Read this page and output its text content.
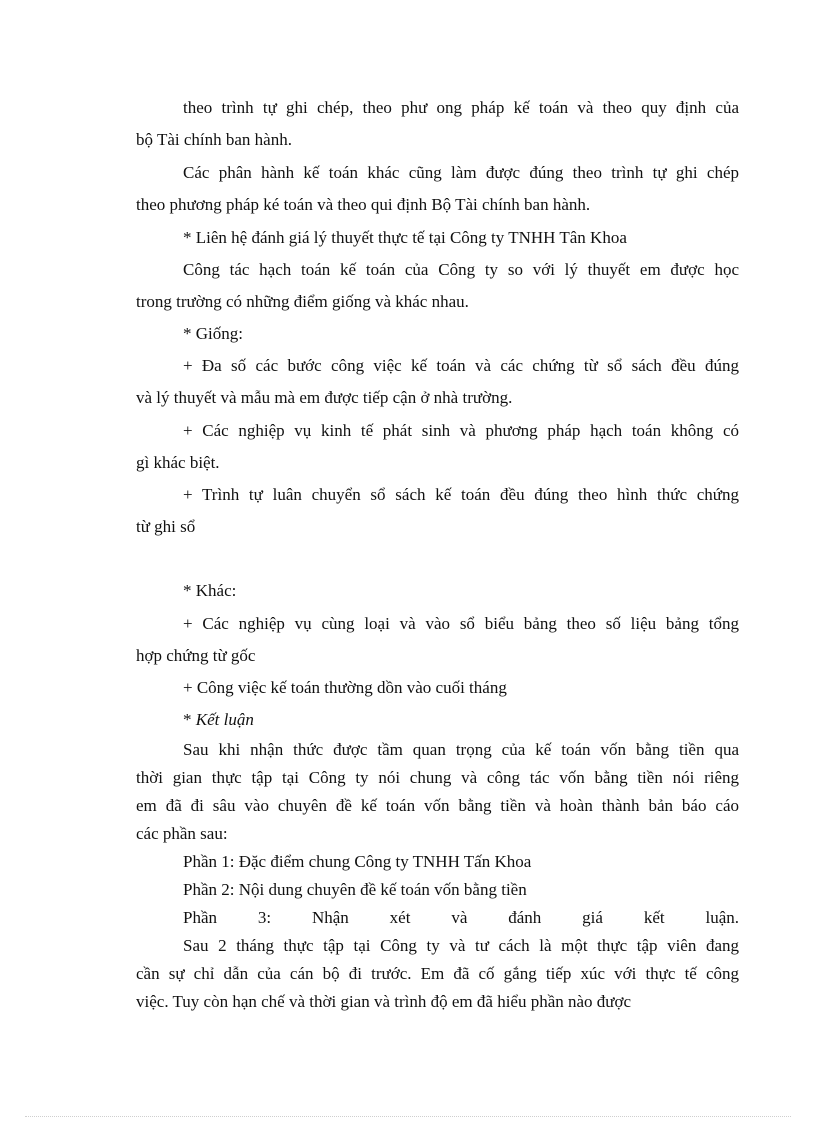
theo trình tự ghi chép, theo phư ong pháp kế toán và theo quy định của

bộ Tài chính ban hành.

Các phân hành kế toán khác cũng làm được đúng theo trình tự ghi chép

theo phương pháp ké toán và theo qui định Bộ Tài chính ban hành.

* Liên hệ đánh giá lý thuyết thực tế tại Công ty TNHH Tân Khoa

Công tác hạch toán kế toán của Công ty so với lý thuyết em được học

trong trường có những điểm giống và khác nhau.

* Giống:

+ Đa số các bước công việc kế toán và các chứng từ sổ sách đều đúng

và lý thuyết và mẫu mà em được tiếp cận ở nhà trường.

+ Các nghiệp vụ kinh tế phát sinh và phương pháp hạch toán không có

gì khác biệt.

+ Trình tự luân chuyển sổ sách kế toán đều đúng theo hình thức chứng

từ ghi sổ

* Khác:

+ Các nghiệp vụ cùng loại và vào sổ biểu bảng theo số liệu bảng tổng

hợp chứng từ gốc

+ Công việc kế toán thường dồn vào cuối tháng

* Kết luận

Sau khi nhận thức được tầm quan trọng của kế toán vốn bằng tiền qua

thời gian thực tập tại Công ty nói chung và công tác vốn bằng tiền nói riêng

em đã đi sâu vào chuyên đề kế toán vốn bằng tiền và hoàn thành bản báo cáo

các phần sau:

Phần 1: Đặc điểm chung Công ty TNHH Tấn Khoa

Phần 2: Nội dung chuyên đề kế toán vốn bằng tiền

Phần 3: Nhận xét và đánh giá kết luận.

Sau 2 tháng thực tập tại Công ty và tư cách là một thực tập viên đang

cần sự chỉ dẫn của cán bộ đi trước. Em đã cố gắng tiếp xúc với thực tế công

việc. Tuy còn hạn chế và thời gian và trình độ em đã hiểu phần nào được
